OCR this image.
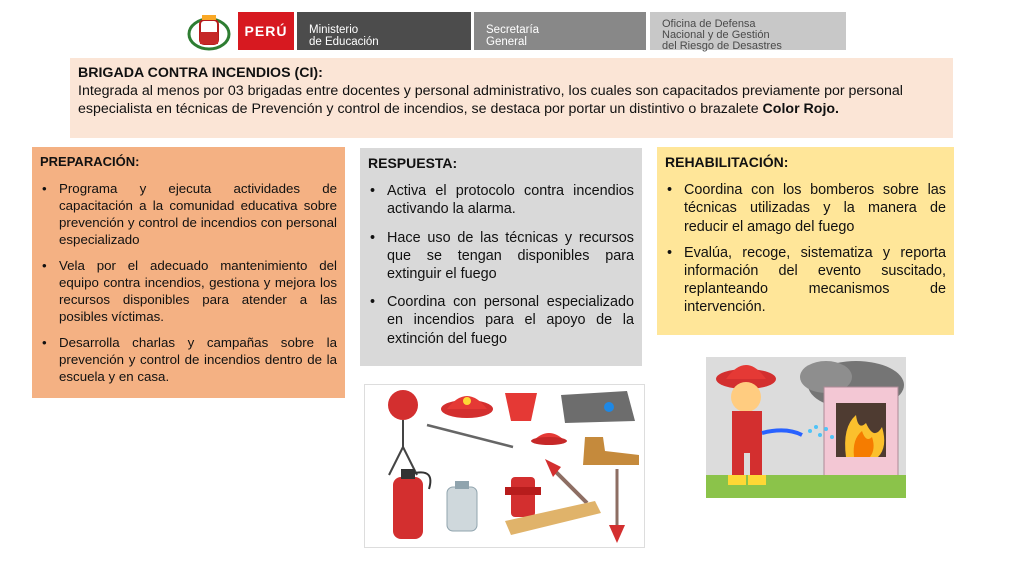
PERÚ	Ministerio
de Educación
Secretaría
General
Oficina de Defensa
Nacional y de Gestión
del Riesgo de Desastres
BRIGADA CONTRA INCENDIOS (CI):
Integrada al menos por 03 brigadas entre docentes y personal administrativo, los cuales son capacitados previamente por personal especialista en técnicas de Prevención y control de incendios, se destaca por portar un distintivo o brazalete Color Rojo.
PREPARACIÓN:
• Programa y ejecuta actividades de capacitación a la comunidad educativa sobre prevención y control de incendios con personal especializado
• Vela por el adecuado mantenimiento del equipo contra incendios, gestiona y mejora los recursos disponibles para atender a las posibles víctimas.
• Desarrolla charlas y campañas sobre la prevención y control de incendios dentro de la escuela y en casa.
RESPUESTA:
• Activa el protocolo contra incendios activando la alarma.
• Hace uso de las técnicas y recursos que se tengan disponibles para extinguir el fuego
• Coordina con personal especializado en incendios para el apoyo de la extinción del fuego
REHABILITACIÓN:
• Coordina con los bomberos sobre las técnicas utilizadas y la manera de reducir el amago del fuego
• Evalúa, recoge, sistematiza y reporta información del evento suscitado, replanteando mecanismos de intervención.
